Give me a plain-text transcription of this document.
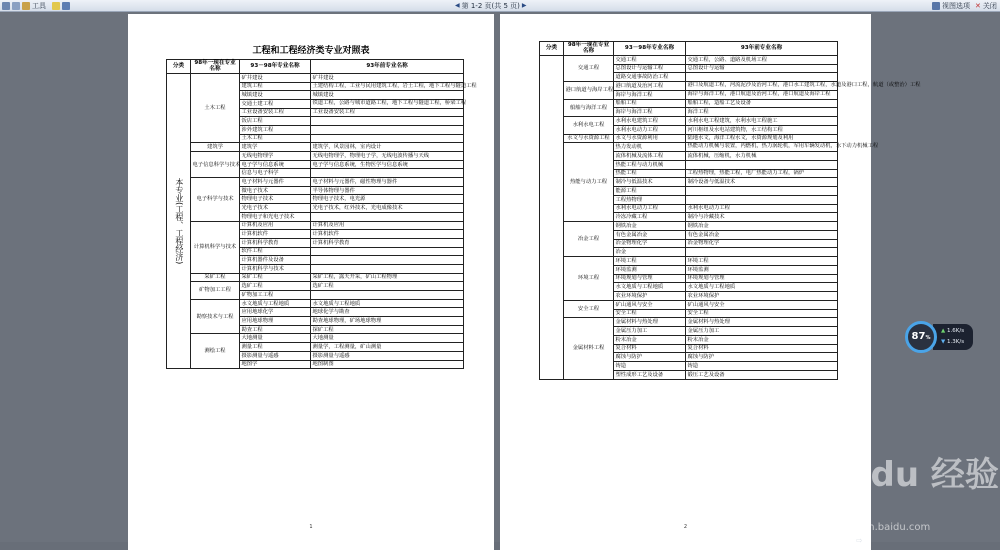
工具	◀ 第 1-2 页(共 5 页) ▶	视图选项 ✕ 关闭
工程和工程经济类专业对照表
分类	98年一现在专业名称	93－98年专业名称	93年前专业名称

本专业(工程、工程经济)	土木工程	矿井建设	矿井建设
		建筑工程	土建结构工程，工业与民用建筑工程，岩土工程，地下工程与隧道工程
		城镇建设	城镇建设
		交通土建工程	铁道工程，公路与城市道路工程，地下工程与隧道工程，桥梁工程
		工业设备安装工程	工业设备安装工程
		饭店工程	
		涉外建筑工程	
		土木工程	
	建筑学	建筑学	建筑学，风景园林，室内设计
	电子信息科学与技术	无线电物理学	无线电物理学，物理电子学，无线电波传播与天线
		电子学与信息系统	电子学与信息系统，生物医学与信息系统
		信息与电子科学	
	电子科学与技术	电子材料与元器件	电子材料与元器件，磁性物理与器件
		微电子技术	半导体物理与器件
		物理电子技术	物理电子技术，电光源
		光电子技术	光电子技术，红外技术，光电成像技术
		物理电子和光电子技术	
	计算机科学与技术	计算机及应用	计算机及应用
		计算机软件	计算机软件
		计算机科学教育	计算机科学教育
		软件工程	
		计算机器件及设备	
		计算机科学与技术	
	采矿工程	采矿工程	采矿工程，露天开采，矿山工程物理
	矿物加工工程	选矿工程	选矿工程
		矿物加工工程	
	勘察技术与工程	水文地质与工程地质	水文地质与工程地质
		应用地球化学	地球化学与勘查
		应用地球物理	勘查地球物理，矿场地球物理
		勘查工程	探矿工程
	测绘工程	大地测量	大地测量
		测量工程	测量学，工程测量，矿山测量
		摄影测量与遥感	摄影测量与遥感
		地图学	地图制图
1
分类	98年一现在专业名称	93－98年专业名称	93年前专业名称
	交通工程	交通工程	交通工程，公路、道路及机场工程
		总图设计与运输工程	总图设计与运输
		道路交通事故防治工程	
	港口航道与海岸工程	港口航道及治河工程	港口及航道工程，河流泥沙及治河工程，港口水工建筑工程，水道及港口工程，航道（或整治）工程
		海岸与海洋工程	海岸与海洋工程，港口航道及治河工程，港口航道及海岸工程
	船舶与海洋工程	船舶工程	船舶工程，造船工艺及设备
		海岸与海洋工程	海洋工程
	水利水电工程	水利水电建筑工程	水利水电工程建筑，水利水电工程施工
		水利水电动力工程	河川枢纽及水电站建筑物，水工结构工程
	水文与水资源工程	水文与水资源利用	陆地水文，海洋工程水文，水资源规划及利用
	热能与动力工程	热力发动机	热能动力机械与装置，内燃机，热力涡轮机，军用车辆发动机，水下动力机械工程
		流体机械及流体工程	流体机械，压缩机，水力机械
		热能工程与动力机械	
		热能工程	工程热物理，热能工程，电厂热能动力工程，锅炉
		制冷与低温技术	制冷设备与低温技术
		能源工程	
		工程热物理	
		水利水电动力工程	水利水电动力工程
		冷冻冷藏工程	制冷与冷藏技术
	冶金工程	钢铁冶金	钢铁冶金
		有色金属冶金	有色金属冶金
		冶金物理化学	冶金物理化学
		冶金	
	环境工程	环境工程	环境工程
		环境监测	环境监测
		环境规划与管理	环境规划与管理
		水文地质与工程地质	水文地质与工程地质
		农业环境保护	农业环境保护
	安全工程	矿山通风与安全	矿山通风与安全
		安全工程	安全工程
	金属材料工程	金属材料与热处理	金属材料与热处理
		金属压力加工	金属压力加工
		粉末冶金	粉末冶金
		复合材料	复合材料
		腐蚀与防护	腐蚀与防护
		铸造	铸造
		塑性成形工艺及设备	锻压工艺及设备
2
Baidu 经验
jingyan.baidu.com
⇨
▲ 1.6K/s
▼ 1.3K/s
87%
